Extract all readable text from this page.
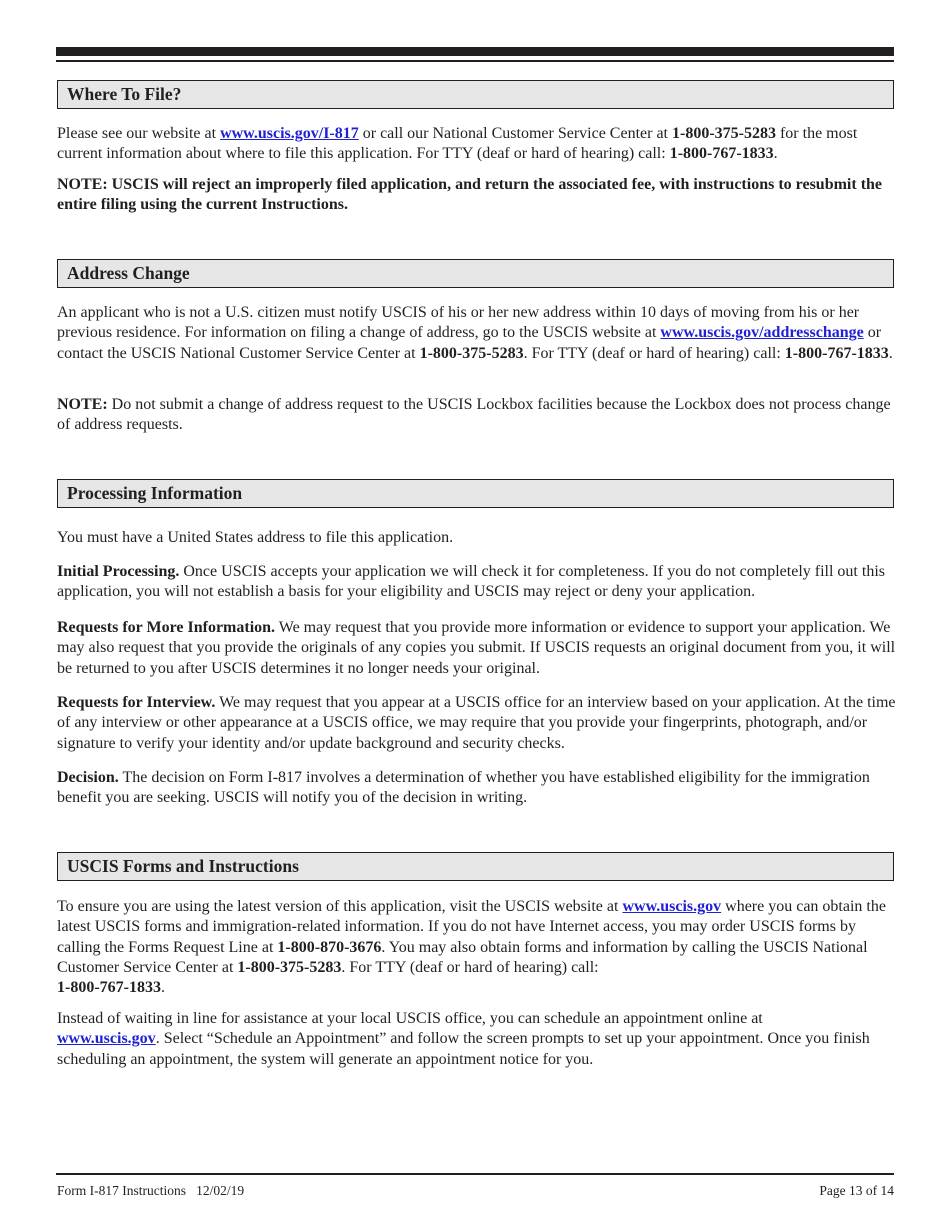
Where To File?

Please see our website at www.uscis.gov/I-817 or call our National Customer Service Center at 1-800-375-5283 for the most current information about where to file this application. For TTY (deaf or hard of hearing) call: 1-800-767-1833.

NOTE: USCIS will reject an improperly filed application, and return the associated fee, with instructions to resubmit the entire filing using the current Instructions.

Address Change

An applicant who is not a U.S. citizen must notify USCIS of his or her new address within 10 days of moving from his or her previous residence. For information on filing a change of address, go to the USCIS website at www.uscis.gov/addresschange or contact the USCIS National Customer Service Center at 1-800-375-5283. For TTY (deaf or hard of hearing) call: 1-800-767-1833.

NOTE: Do not submit a change of address request to the USCIS Lockbox facilities because the Lockbox does not process change of address requests.

Processing Information

You must have a United States address to file this application.

Initial Processing. Once USCIS accepts your application we will check it for completeness. If you do not completely fill out this application, you will not establish a basis for your eligibility and USCIS may reject or deny your application.

Requests for More Information. We may request that you provide more information or evidence to support your application. We may also request that you provide the originals of any copies you submit. If USCIS requests an original document from you, it will be returned to you after USCIS determines it no longer needs your original.

Requests for Interview. We may request that you appear at a USCIS office for an interview based on your application. At the time of any interview or other appearance at a USCIS office, we may require that you provide your fingerprints, photograph, and/or signature to verify your identity and/or update background and security checks.

Decision. The decision on Form I-817 involves a determination of whether you have established eligibility for the immigration benefit you are seeking. USCIS will notify you of the decision in writing.

USCIS Forms and Instructions

To ensure you are using the latest version of this application, visit the USCIS website at www.uscis.gov where you can obtain the latest USCIS forms and immigration-related information. If you do not have Internet access, you may order USCIS forms by calling the Forms Request Line at 1-800-870-3676. You may also obtain forms and information by calling the USCIS National Customer Service Center at 1-800-375-5283. For TTY (deaf or hard of hearing) call:
1-800-767-1833.

Instead of waiting in line for assistance at your local USCIS office, you can schedule an appointment online at
www.uscis.gov. Select “Schedule an Appointment” and follow the screen prompts to set up your appointment. Once you finish scheduling an appointment, the system will generate an appointment notice for you.

Form I-817 Instructions   12/02/19	Page 13 of 14
